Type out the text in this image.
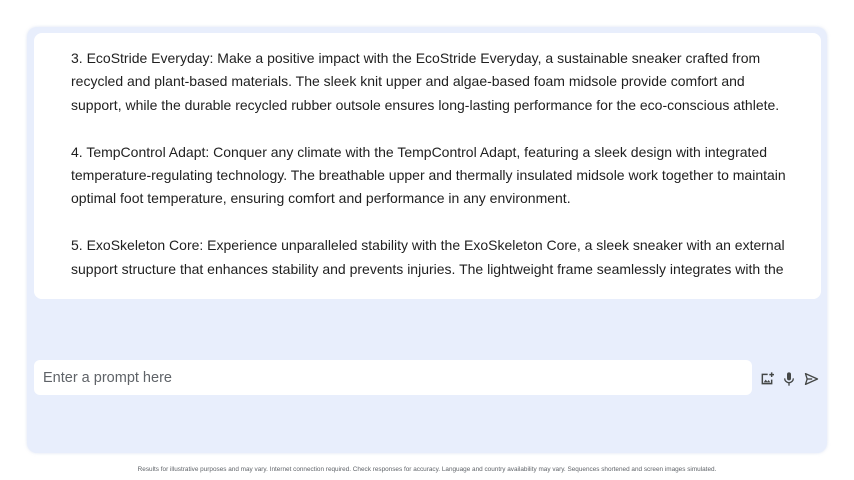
3. EcoStride Everyday: Make a positive impact with the EcoStride Everyday, a sustainable sneaker crafted from recycled and plant-based materials. The sleek knit upper and algae-based foam midsole provide comfort and support, while the durable recycled rubber outsole ensures long-lasting performance for the eco-conscious athlete.

4. TempControl Adapt: Conquer any climate with the TempControl Adapt, featuring a sleek design with integrated temperature-regulating technology. The breathable upper and thermally insulated midsole work together to maintain optimal foot temperature, ensuring comfort and performance in any environment.

5. ExoSkeleton Core: Experience unparalleled stability with the ExoSkeleton Core, a sleek sneaker with an external support structure that enhances stability and prevents injuries. The lightweight frame seamlessly integrates with the

Enter a prompt here
Results for illustrative purposes and may vary. Internet connection required. Check responses for accuracy. Language and country availability may vary. Sequences shortened and screen images simulated.
